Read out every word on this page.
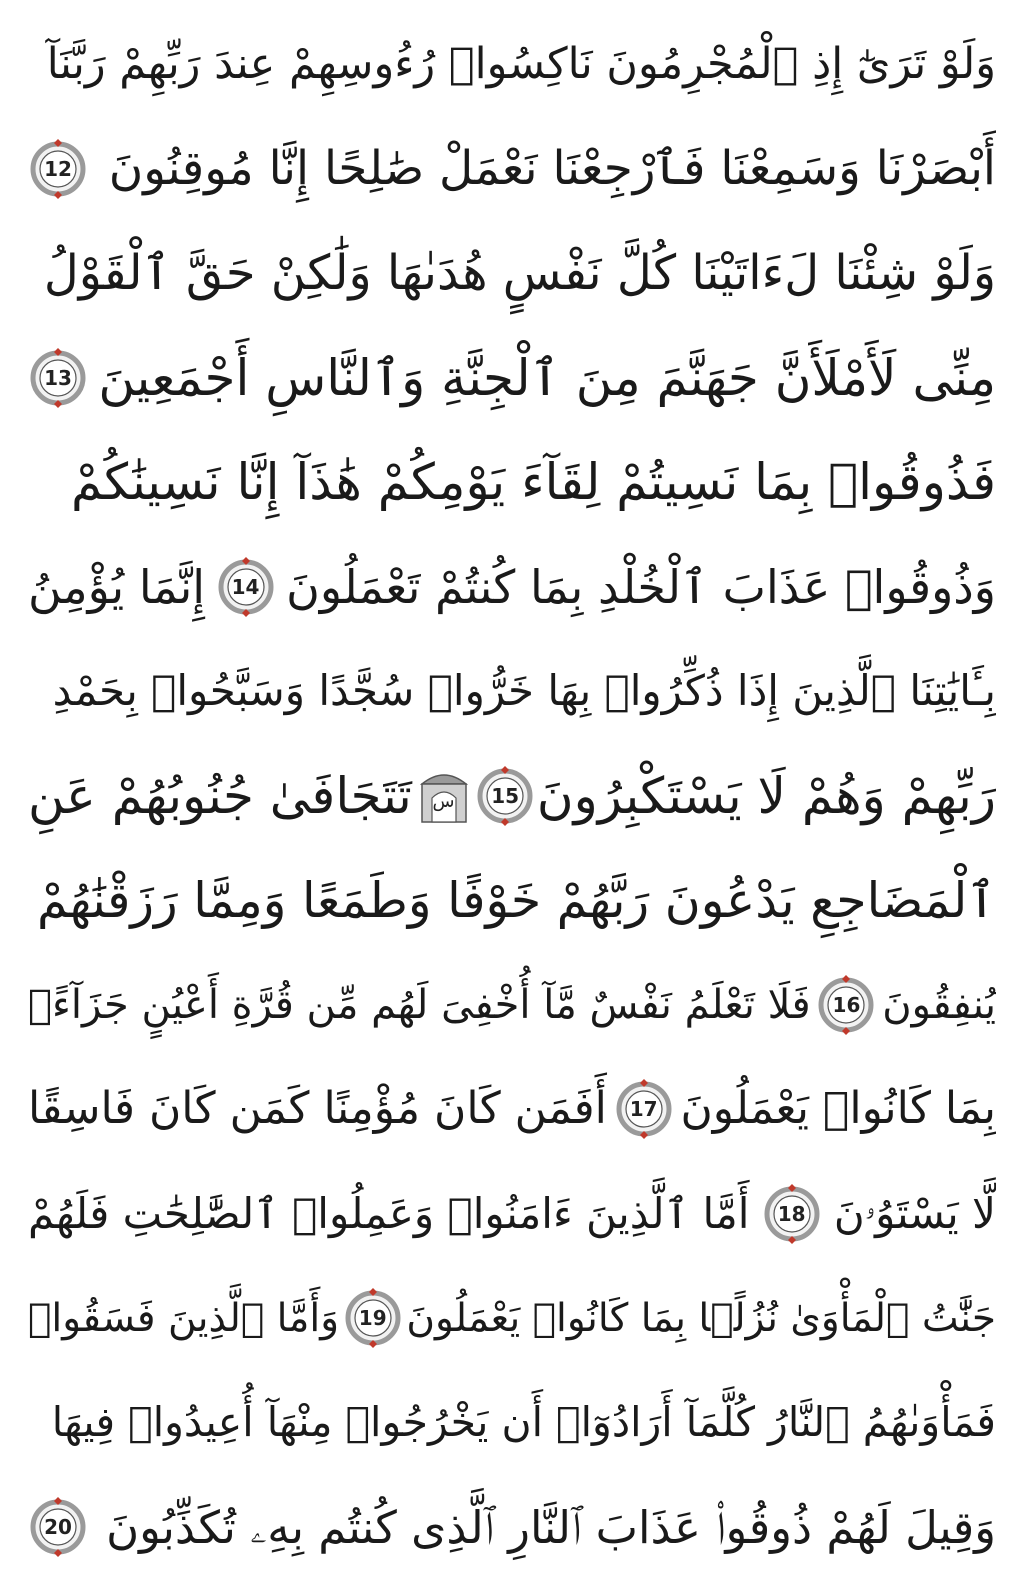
وَلَوْ تَرَىٰٓ إِذِ ٱلْمُجْرِمُونَ نَاكِسُوا۟ رُءُوسِهِمْ عِندَ رَبِّهِمْ رَبَّنَآ
أَبْصَرْنَا وَسَمِعْنَا فَٱرْجِعْنَا نَعْمَلْ صَٰلِحًا إِنَّا مُوقِنُونَ
12
وَلَوْ شِئْنَا لَءَاتَيْنَا كُلَّ نَفْسٍ هُدَىٰهَا وَلَٰكِنْ حَقَّ ٱلْقَوْلُ
مِنِّى لَأَمْلَأَنَّ جَهَنَّمَ مِنَ ٱلْجِنَّةِ وَٱلنَّاسِ أَجْمَعِينَ
13
فَذُوقُوا۟ بِمَا نَسِيتُمْ لِقَآءَ يَوْمِكُمْ هَٰذَآ إِنَّا نَسِينَٰكُمْ
وَذُوقُوا۟ عَذَابَ ٱلْخُلْدِ بِمَا كُنتُمْ تَعْمَلُونَ
14
إِنَّمَا يُؤْمِنُ
بِـَٔايَٰتِنَا ٱلَّذِينَ إِذَا ذُكِّرُوا۟ بِهَا خَرُّوا۟ سُجَّدًا وَسَبَّحُوا۟ بِحَمْدِ
رَبِّهِمْ وَهُمْ لَا يَسْتَكْبِرُونَ
15
س
تَتَجَافَىٰ جُنُوبُهُمْ عَنِ
ٱلْمَضَاجِعِ يَدْعُونَ رَبَّهُمْ خَوْفًا وَطَمَعًا وَمِمَّا رَزَقْنَٰهُمْ
يُنفِقُونَ
16
فَلَا تَعْلَمُ نَفْسٌ مَّآ أُخْفِىَ لَهُم مِّن قُرَّةِ أَعْيُنٍ جَزَآءًۢ
بِمَا كَانُوا۟ يَعْمَلُونَ
17
أَفَمَن كَانَ مُؤْمِنًا كَمَن كَانَ فَاسِقًا
لَّا يَسْتَوُۥنَ
18
أَمَّا ٱلَّذِينَ ءَامَنُوا۟ وَعَمِلُوا۟ ٱلصَّٰلِحَٰتِ فَلَهُمْ
جَنَّٰتُ ٱلْمَأْوَىٰ نُزُلًۢا بِمَا كَانُوا۟ يَعْمَلُونَ
19
وَأَمَّا ٱلَّذِينَ فَسَقُوا۟
فَمَأْوَىٰهُمُ ٱلنَّارُ كُلَّمَآ أَرَادُوٓا۟ أَن يَخْرُجُوا۟ مِنْهَآ أُعِيدُوا۟ فِيهَا
وَقِيلَ لَهُمْ ذُوقُوا۟ عَذَابَ ٱلنَّارِ ٱلَّذِى كُنتُم بِهِۦ تُكَذِّبُونَ
20
